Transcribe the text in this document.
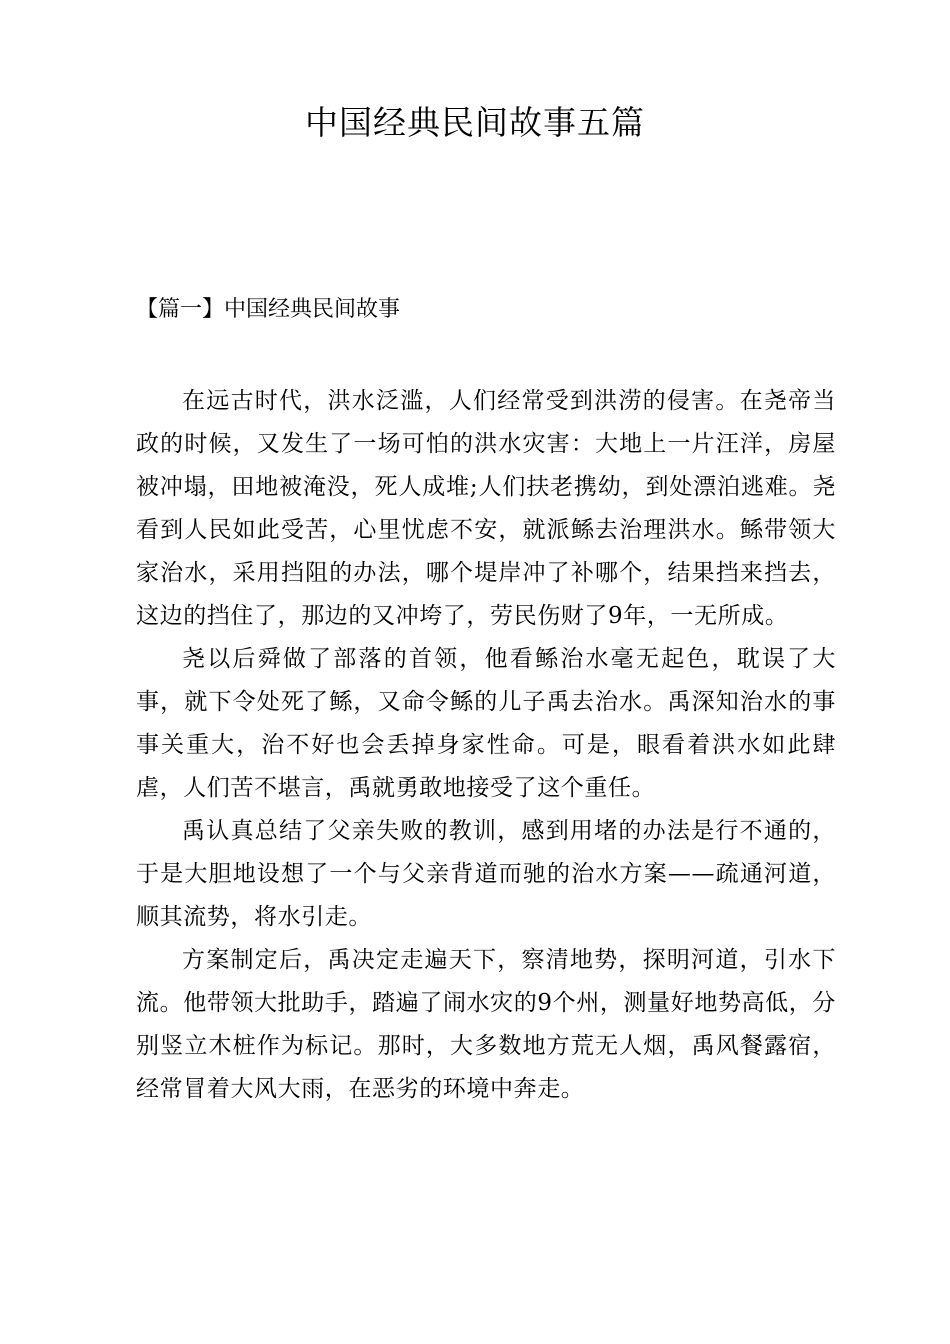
中国经典民间故事五篇
【篇一】中国经典民间故事

在远古时代，洪水泛滥，人们经常受到洪涝的侵害。在尧帝当政的时候，又发生了一场可怕的洪水灾害：大地上一片汪洋，房屋被冲塌，田地被淹没，死人成堆;人们扶老携幼，到处漂泊逃难。尧看到人民如此受苦，心里忧虑不安，就派鲧去治理洪水。鲧带领大家治水，采用挡阻的办法，哪个堤岸冲了补哪个，结果挡来挡去，这边的挡住了，那边的又冲垮了，劳民伤财了9年，一无所成。

尧以后舜做了部落的首领，他看鲧治水毫无起色，耽误了大事，就下令处死了鲧，又命令鲧的儿子禹去治水。禹深知治水的事事关重大，治不好也会丢掉身家性命。可是，眼看着洪水如此肆虐，人们苦不堪言，禹就勇敢地接受了这个重任。

禹认真总结了父亲失败的教训，感到用堵的办法是行不通的，于是大胆地设想了一个与父亲背道而驰的治水方案——疏通河道，顺其流势，将水引走。

方案制定后，禹决定走遍天下，察清地势，探明河道，引水下流。他带领大批助手，踏遍了闹水灾的9个州，测量好地势高低，分别竖立木桩作为标记。那时，大多数地方荒无人烟，禹风餐露宿，经常冒着大风大雨，在恶劣的环境中奔走。
